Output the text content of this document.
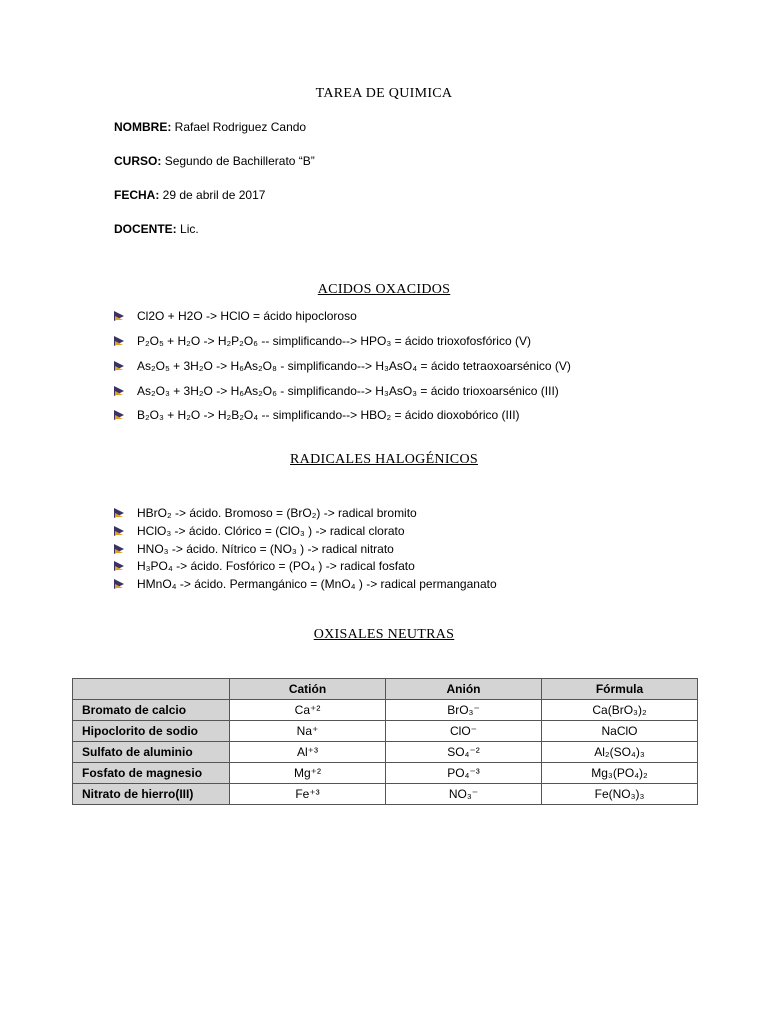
TAREA DE QUIMICA
NOMBRE: Rafael Rodriguez Cando
CURSO: Segundo de Bachillerato “B”
FECHA: 29 de abril de 2017
DOCENTE: Lic.
ACIDOS OXACIDOS
Cl2O + H2O -> HClO = ácido hipocloroso
P₂O₅ + H₂O -> H₂P₂O₆ -- simplificando--> HPO₃ = ácido trioxofosfórico (V)
As₂O₅ + 3H₂O -> H₆As₂O₈ - simplificando--> H₃AsO₄ = ácido tetraoxoarsénico (V)
As₂O₃ + 3H₂O -> H₆As₂O₆ - simplificando--> H₃AsO₃ = ácido trioxoarsénico (III)
B₂O₃ + H₂O -> H₂B₂O₄ -- simplificando--> HBO₂ = ácido dioxobórico (III)
RADICALES HALOGÉNICOS
HBrO₂ -> ácido. Bromoso = (BrO₂) -> radical bromito
HClO₃ -> ácido. Clórico = (ClO₃ ) -> radical clorato
HNO₃ -> ácido. Nítrico = (NO₃ ) -> radical nitrato
H₃PO₄ -> ácido. Fosfórico = (PO₄ ) -> radical fosfato
HMnO₄ -> ácido. Permangánico = (MnO₄ ) -> radical permanganato
OXISALES NEUTRAS
	Catión	Anión	Fórmula
Bromato de calcio	Ca⁺²	BrO₃⁻	Ca(BrO₃)₂
Hipoclorito de sodio	Na⁺	ClO⁻	NaClO
Sulfato de aluminio	Al⁺³	SO₄⁻²	Al₂(SO₄)₃
Fosfato de magnesio	Mg⁺²	PO₄⁻³	Mg₃(PO₄)₂
Nitrato de hierro(III)	Fe⁺³	NO₃⁻	Fe(NO₃)₃
